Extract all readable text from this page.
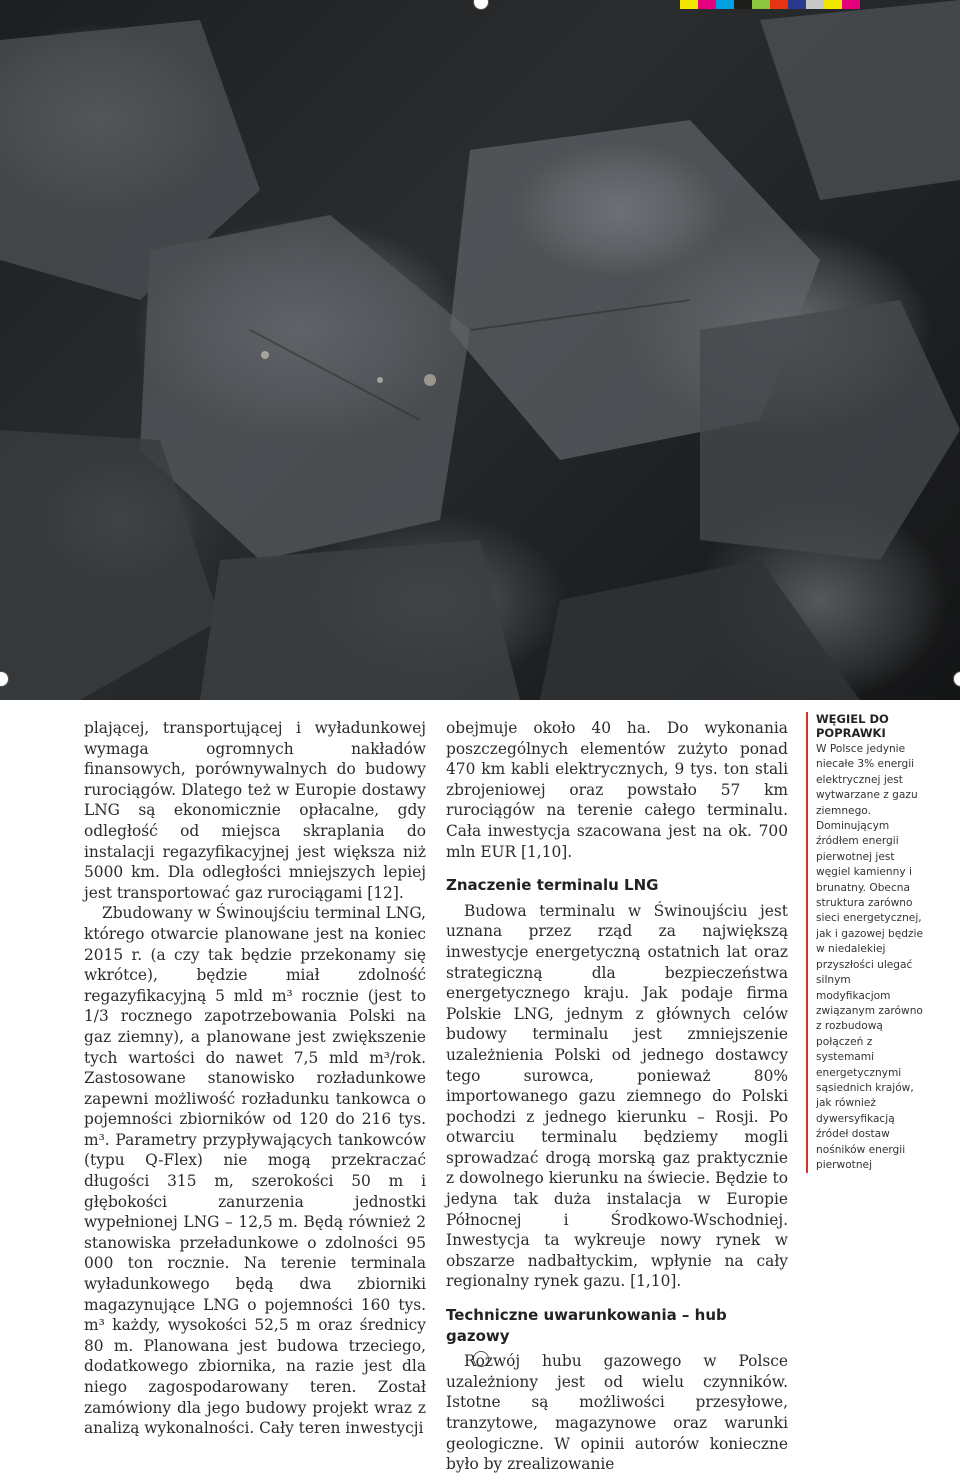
plającej, transportującej i wyładunkowej wymaga ogromnych nakładów finansowych, porównywalnych do budowy rurociągów. Dlatego też w Europie dostawy LNG są ekonomicznie opłacalne, gdy odległość od miejsca skraplania do instalacji regazyfikacyjnej jest większa niż 5000 km. Dla odległości mniejszych lepiej jest transportować gaz rurociągami [12].

Zbudowany w Świnoujściu terminal LNG, którego otwarcie planowane jest na koniec 2015 r. (a czy tak będzie przekonamy się wkrótce), będzie miał zdolność regazyfikacyjną 5 mld m³ rocznie (jest to 1/3 rocznego zapotrzebowania Polski na gaz ziemny), a planowane jest zwiększenie tych wartości do nawet 7,5 mld m³/rok. Zastosowane stanowisko rozładunkowe zapewni możliwość rozładunku tankowca o pojemności zbiorników od 120 do 216 tys. m³. Parametry przypływających tankowców (typu Q-Flex) nie mogą przekraczać długości 315 m, szerokości 50 m i głębokości zanurzenia jednostki wypełnionej LNG – 12,5 m. Będą również 2 stanowiska przeładunkowe o zdolności 95 000 ton rocznie. Na terenie terminala wyładunkowego będą dwa zbiorniki magazynujące LNG o pojemności 160 tys. m³ każdy, wysokości 52,5 m oraz średnicy 80 m. Planowana jest budowa trzeciego, dodatkowego zbiornika, na razie jest dla niego zagospodarowany teren. Został zamówiony dla jego budowy projekt wraz z analizą wykonalności. Cały teren inwestycji

obejmuje około 40 ha. Do wykonania poszczególnych elementów zużyto ponad 470 km kabli elektrycznych, 9 tys. ton stali zbrojeniowej oraz powstało 57 km rurociągów na terenie całego terminalu. Cała inwestycja szacowana jest na ok. 700 mln EUR [1,10].

Znaczenie terminalu LNG

Budowa terminalu w Świnoujściu jest uznana przez rząd za największą inwestycje energetyczną ostatnich lat oraz strategiczną dla bezpieczeństwa energetycznego kraju. Jak podaje firma Polskie LNG, jednym z głównych celów budowy terminalu jest zmniejszenie uzależnienia Polski od jednego dostawcy tego surowca, ponieważ 80% importowanego gazu ziemnego do Polski pochodzi z jednego kierunku – Rosji. Po otwarciu terminalu będziemy mogli sprowadzać drogą morską gaz praktycznie z dowolnego kierunku na świecie. Będzie to jedyna tak duża instalacja w Europie Północnej i Środkowo-Wschodniej. Inwestycja ta wykreuje nowy rynek w obszarze nadbałtyckim, wpłynie na cały regionalny rynek gazu. [1,10].

Techniczne uwarunkowania – hub gazowy

Rozwój hubu gazowego w Polsce uzależniony jest od wielu czynników. Istotne są możliwości przesyłowe, tranzytowe, magazynowe oraz warunki geologiczne. W opinii autorów konieczne było by zrealizowanie

WĘGIEL DO POPRAWKI
W Polsce jedynie niecałe 3% energii elektrycznej jest wytwarzane z gazu ziemnego. Dominującym źródłem energii pierwotnej jest węgiel kamienny i brunatny. Obecna struktura zarówno sieci energetycznej, jak i gazowej będzie w niedalekiej przyszłości ulegać silnym modyfikacjom związanym zarówno z rozbudową połączeń z systemami energetycznymi sąsiednich krajów, jak również dywersyfikacją źródeł dostaw nośników energii pierwotnej
